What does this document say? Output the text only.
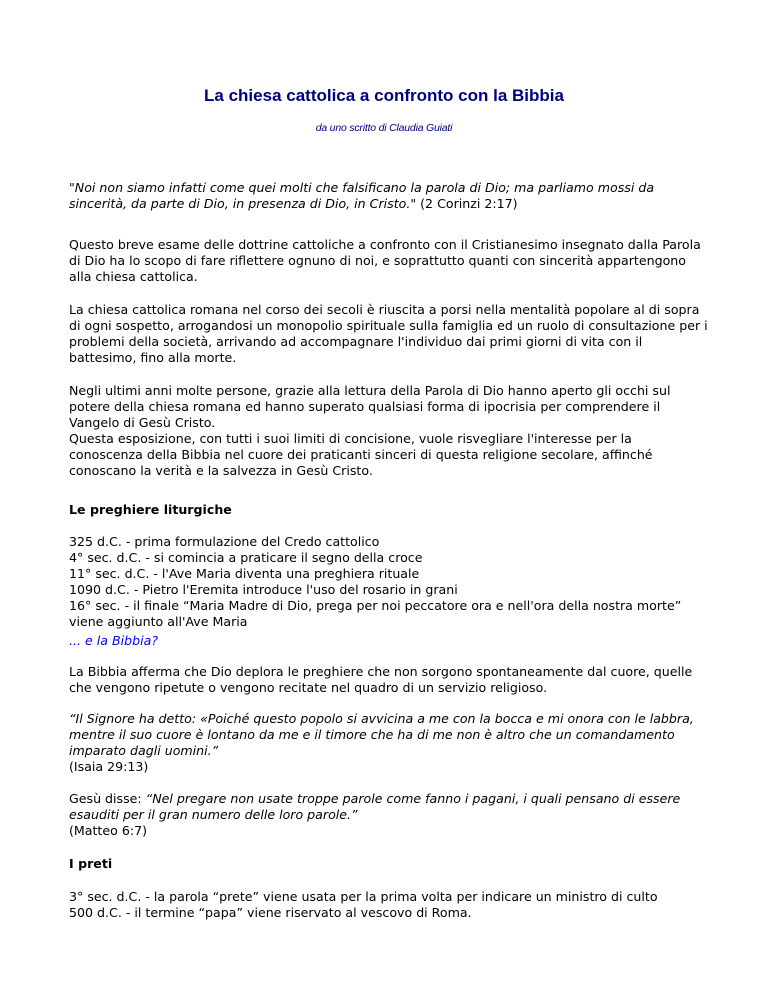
La chiesa cattolica a confronto con la Bibbia
da uno scritto di Claudia Guiati

"Noi non siamo infatti come quei molti che falsificano la parola di Dio; ma parliamo mossi da sincerità, da parte di Dio, in presenza di Dio, in Cristo." (2 Corinzi 2:17)

Questo breve esame delle dottrine cattoliche a confronto con il Cristianesimo insegnato dalla Parola di Dio ha lo scopo di fare riflettere ognuno di noi, e soprattutto quanti con sincerità appartengono alla chiesa cattolica.

La chiesa cattolica romana nel corso dei secoli è riuscita a porsi nella mentalità popolare al di sopra di ogni sospetto, arrogandosi un monopolio spirituale sulla famiglia ed un ruolo di consultazione per i problemi della società, arrivando ad accompagnare l'individuo dai primi giorni di vita con il battesimo, fino alla morte.

Negli ultimi anni molte persone, grazie alla lettura della Parola di Dio hanno aperto gli occhi sul potere della chiesa romana ed hanno superato qualsiasi forma di ipocrisia per comprendere il Vangelo di Gesù Cristo.

Questa esposizione, con tutti i suoi limiti di concisione, vuole risvegliare l'interesse per la conoscenza della Bibbia nel cuore dei praticanti sinceri di questa religione secolare, affinché conoscano la verità e la salvezza in Gesù Cristo.

Le preghiere liturgiche

325 d.C. - prima formulazione del Credo cattolico
4° sec. d.C. - si comincia a praticare il segno della croce
11° sec. d.C. - l'Ave Maria diventa una preghiera rituale
1090 d.C. - Pietro l'Eremita introduce l'uso del rosario in grani
16° sec. - il finale “Maria Madre di Dio, prega per noi peccatore ora e nell'ora della nostra morte” viene aggiunto all'Ave Maria

... e la Bibbia?

La Bibbia afferma che Dio deplora le preghiere che non sorgono spontaneamente dal cuore, quelle che vengono ripetute o vengono recitate nel quadro di un servizio religioso.

“Il Signore ha detto: «Poiché questo popolo si avvicina a me con la bocca e mi onora con le labbra, mentre il suo cuore è lontano da me e il timore che ha di me non è altro che un comandamento imparato dagli uomini.”
(Isaia 29:13)
Gesù disse: “Nel pregare non usate troppe parole come fanno i pagani, i quali pensano di essere esauditi per il gran numero delle loro parole.”
(Matteo 6:7)

I preti

3° sec. d.C. - la parola “prete” viene usata per la prima volta per indicare un ministro di culto
500 d.C. - il termine “papa” viene riservato al vescovo di Roma.
